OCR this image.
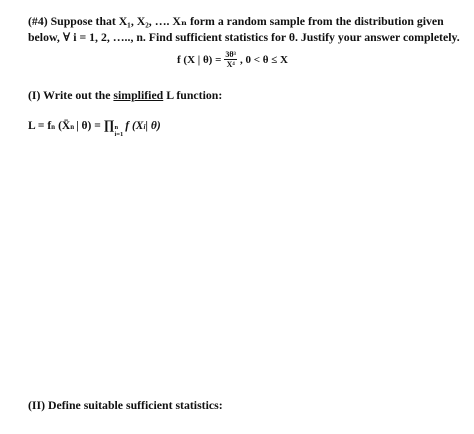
(#4) Suppose that X₁, X₂, …. Xₙ form a random sample from the distribution given
below, ∀ i = 1, 2, ….., n. Find sufficient statistics for θ. Justify your answer completely.
f (X | $\theta) = \frac{\text{3θ³}}{\text{X⁴}}$ , 0 < θ ≤ X
(I) Write out the simplified L function:
L = f n (X̄ n | θ) = ∏ n
i=1
f (X i | θ)
(II) Define suitable sufficient statistics:
